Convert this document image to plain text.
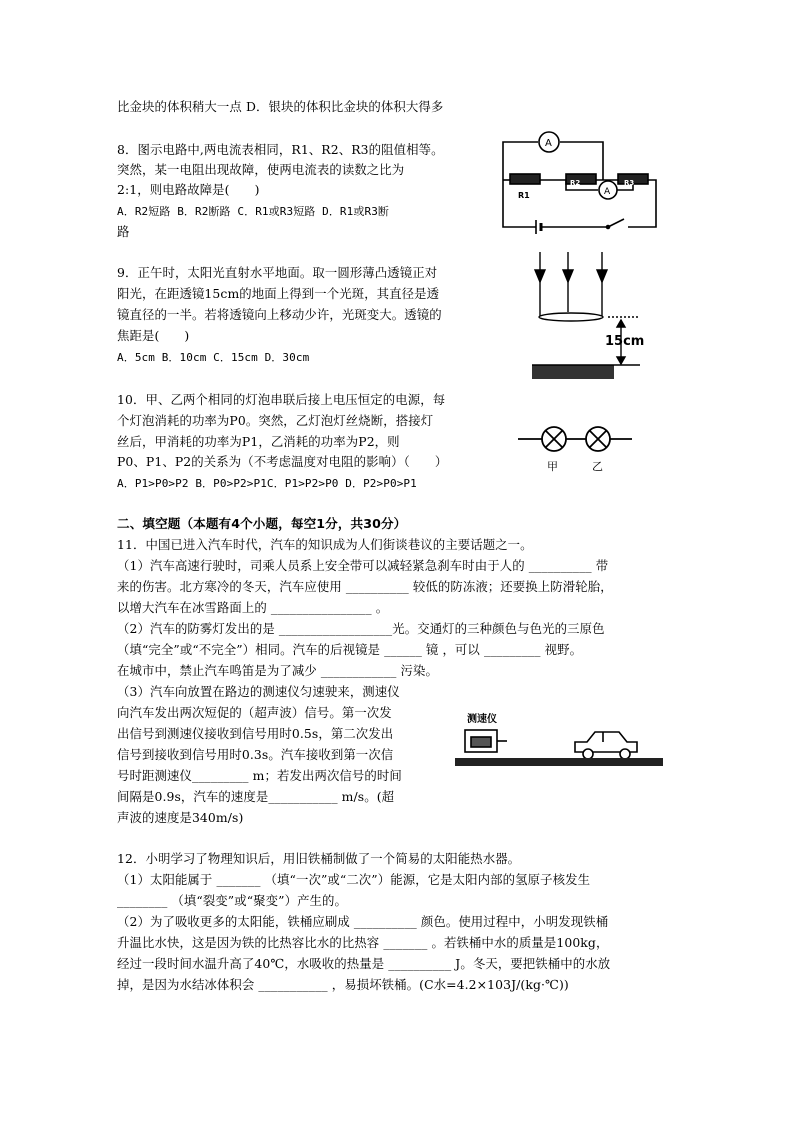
比金块的体积稍大一点 D．银块的体积比金块的体积大得多
8．图示电路中,两电流表相同，R1、R2、R3的阻值相等。
突然，某一电阻出现故障，使两电流表的读数之比为
2:1，则电路故障是(　　)
A．R2短路 B．R2断路 C．R1或R3短路 D．R1或R3断
路
A
A
R1
R2	R3
9．正午时，太阳光直射水平地面。取一圆形薄凸透镜正对
阳光，在距透镜15cm的地面上得到一个光斑，其直径是透
镜直径的一半。若将透镜向上移动少许，光斑变大。透镜的
焦距是(　　)
A．5cm B．10cm C．15cm D．30cm
15cm
10．甲、乙两个相同的灯泡串联后接上电压恒定的电源，每
个灯泡消耗的功率为P0。突然，乙灯泡灯丝烧断，搭接灯
丝后，甲消耗的功率为P1，乙消耗的功率为P2，则
P0、P1、P2的关系为（不考虑温度对电阻的影响）（　　）
A．P1>P0>P2 B．P0>P2>P1C．P1>P2>P0 D．P2>P0>P1
甲	乙
二、填空题（本题有4个小题，每空1分，共30分）
11．中国已进入汽车时代，汽车的知识成为人们街谈巷议的主要话题之一。
（1）汽车高速行驶时，司乘人员系上安全带可以减轻紧急刹车时由于人的 __________ 带
来的伤害。北方寒冷的冬天，汽车应使用 __________ 较低的防冻液；还要换上防滑轮胎，
以增大汽车在冰雪路面上的 ________________ 。
（2）汽车的防雾灯发出的是 __________________光。交通灯的三种颜色与色光的三原色
（填“完全”或“不完全”）相同。汽车的后视镜是 ______ 镜 ，可以 _________ 视野。
在城市中，禁止汽车鸣笛是为了减少 ____________ 污染。
（3）汽车向放置在路边的测速仪匀速驶来，测速仪
向汽车发出两次短促的（超声波）信号。第一次发
出信号到测速仪接收到信号用时0.5s，第二次发出
信号到接收到信号用时0.3s。汽车接收到第一次信
号时距测速仪_________ m；若发出两次信号的时间
间隔是0.9s，汽车的速度是___________ m/s。(超
声波的速度是340m/s)
测速仪
12．小明学习了物理知识后，用旧铁桶制做了一个简易的太阳能热水器。
（1）太阳能属于 _______ （填“一次”或“二次”）能源，它是太阳内部的氢原子核发生
________ （填“裂变”或“聚变”）产生的。
（2）为了吸收更多的太阳能，铁桶应刷成 __________ 颜色。使用过程中，小明发现铁桶
升温比水快，这是因为铁的比热容比水的比热容 _______ 。若铁桶中水的质量是100kg，
经过一段时间水温升高了40℃，水吸收的热量是 __________ J。冬天，要把铁桶中的水放
掉，是因为水结冰体积会 ___________ ，易损坏铁桶。(C水=4.2×103J/(kg·℃))
